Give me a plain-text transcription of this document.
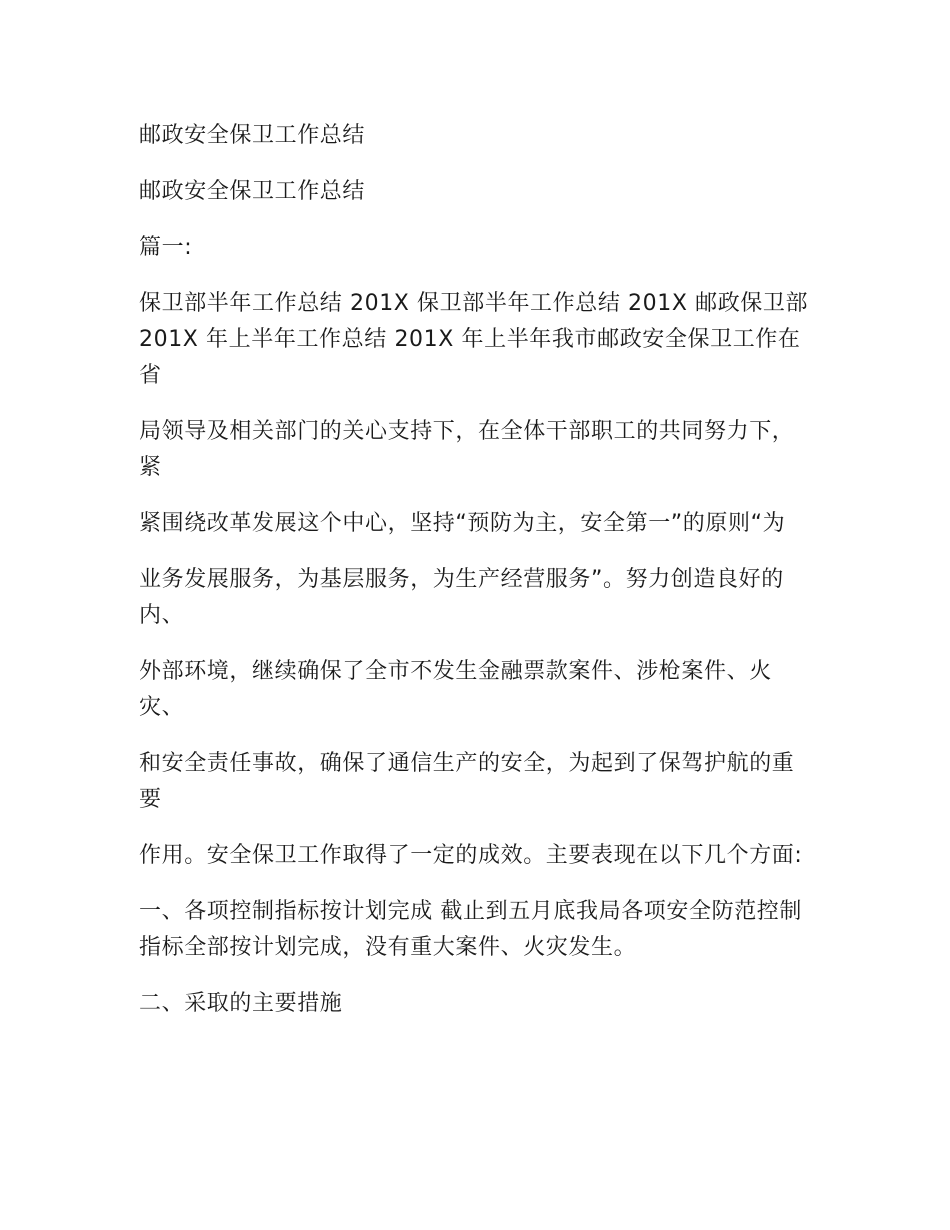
邮政安全保卫工作总结

邮政安全保卫工作总结

篇一:

保卫部半年工作总结 201X 保卫部半年工作总结 201X 邮政保卫部 201X 年上半年工作总结 201X 年上半年我市邮政安全保卫工作在省

局领导及相关部门的关心支持下，在全体干部职工的共同努力下，紧

紧围绕改革发展这个中心，坚持“预防为主，安全第一”的原则“为

业务发展服务，为基层服务，为生产经营服务”。努力创造良好的内、

外部环境，继续确保了全市不发生金融票款案件、涉枪案件、火灾、

和安全责任事故，确保了通信生产的安全，为起到了保驾护航的重要

作用。安全保卫工作取得了一定的成效。主要表现在以下几个方面:

一、各项控制指标按计划完成 截止到五月底我局各项安全防范控制指标全部按计划完成，没有重大案件、火灾发生。

二、采取的主要措施
